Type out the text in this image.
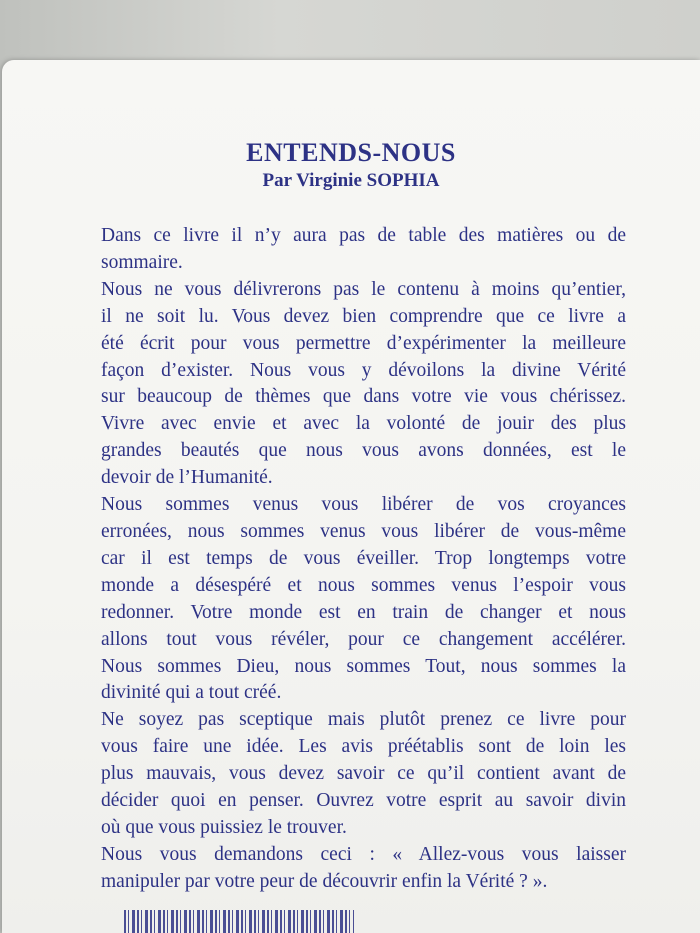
ENTENDS-NOUS
Par Virginie SOPHIA
Dans ce livre il n’y aura pas de table des matières ou de
sommaire.
Nous ne vous délivrerons pas le contenu à moins qu’entier,
il ne soit lu. Vous devez bien comprendre que ce livre a
été écrit pour vous permettre d’expérimenter la meilleure
façon d’exister. Nous vous y dévoilons la divine Vérité
sur beaucoup de thèmes que dans votre vie vous chérissez.
Vivre avec envie et avec la volonté de jouir des plus
grandes beautés que nous vous avons données, est le
devoir de l’Humanité.
Nous sommes venus vous libérer de vos croyances
erronées, nous sommes venus vous libérer de vous-même
car il est temps de vous éveiller. Trop longtemps votre
monde a désespéré et nous sommes venus l’espoir vous
redonner. Votre monde est en train de changer et nous
allons tout vous révéler, pour ce changement accélérer.
Nous sommes Dieu, nous sommes Tout, nous sommes la
divinité qui a tout créé.
Ne soyez pas sceptique mais plutôt prenez ce livre pour
vous faire une idée. Les avis préétablis sont de loin les
plus mauvais, vous devez savoir ce qu’il contient avant de
décider quoi en penser. Ouvrez votre esprit au savoir divin
où que vous puissiez le trouver.
Nous vous demandons ceci : « Allez-vous vous laisser
manipuler par votre peur de découvrir enfin la Vérité ? ».
